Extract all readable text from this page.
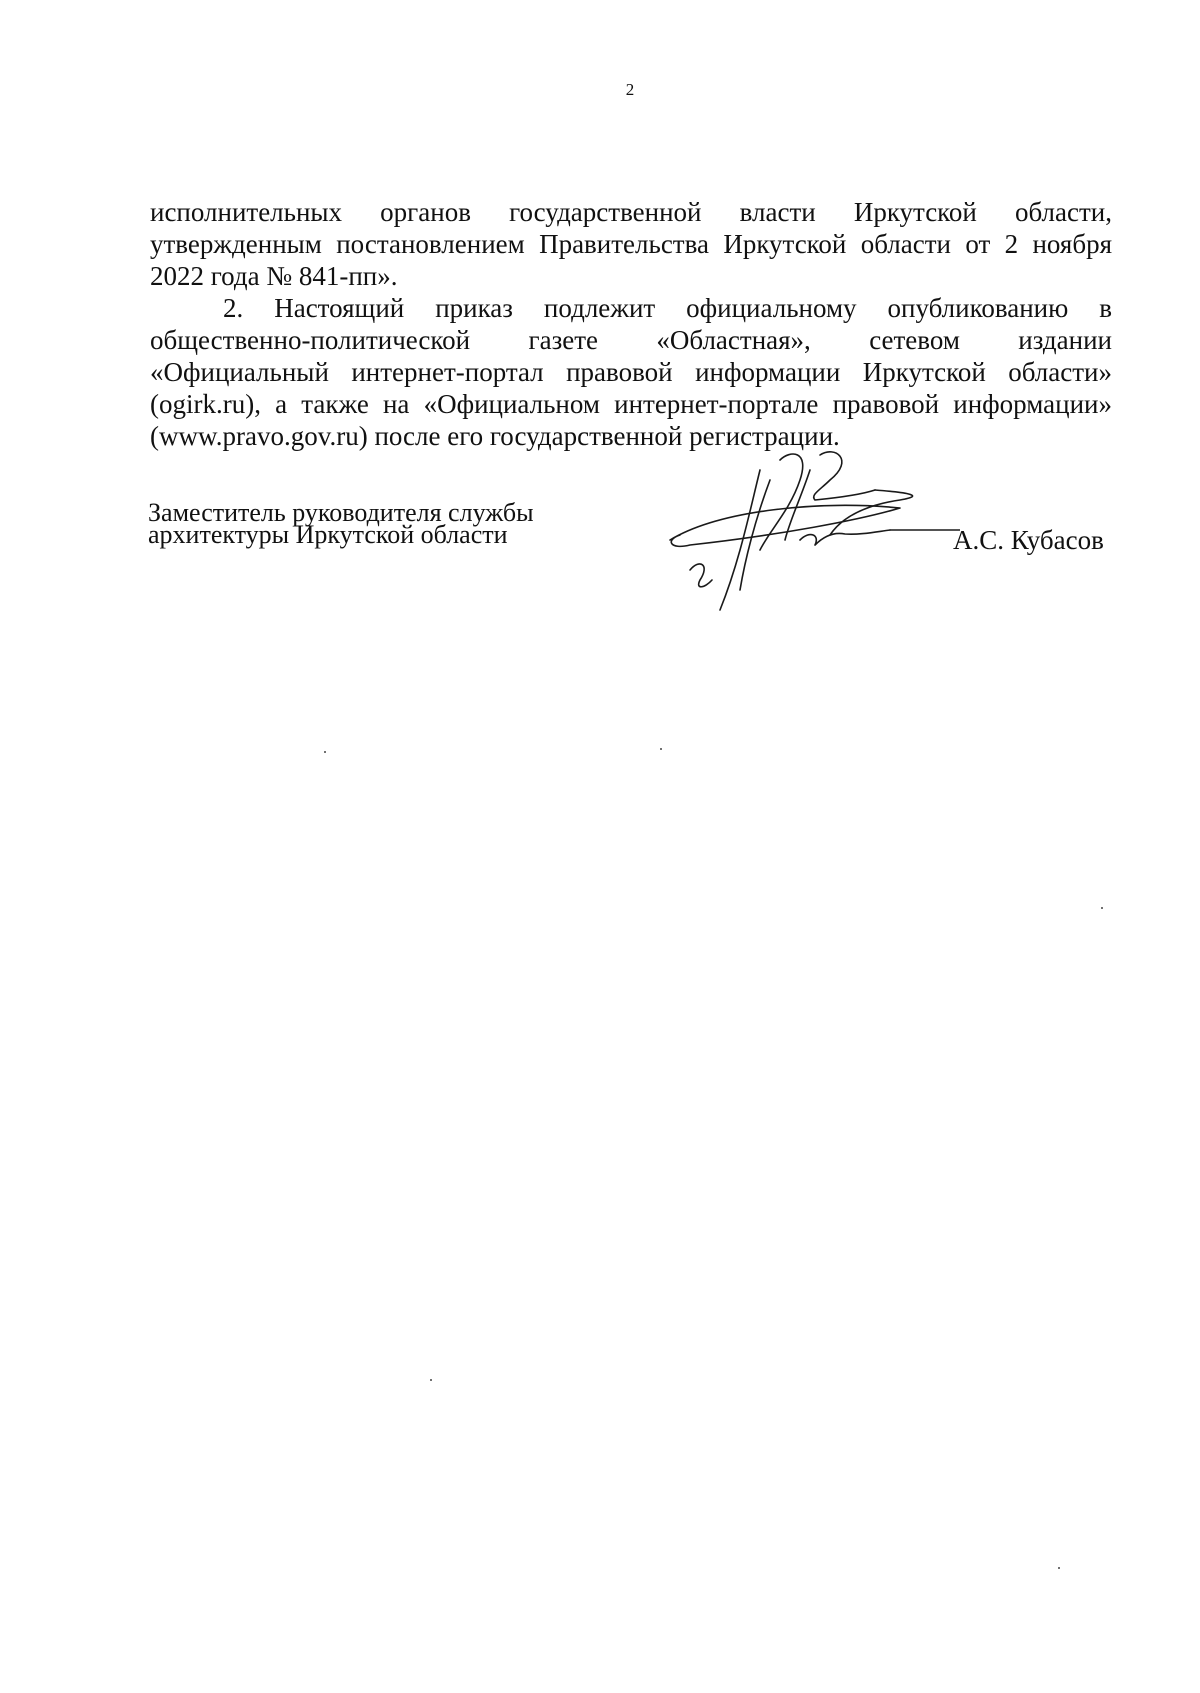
2

исполнительных органов государственной власти Иркутской области,
утвержденным постановлением Правительства Иркутской области от 2 ноября
2022 года № 841-пп».

2. Настоящий приказ подлежит официальному опубликованию в
общественно-политической газете «Областная», сетевом издании
«Официальный интернет-портал правовой информации Иркутской области»
(ogirk.ru), а также на «Официальном интернет-портале правовой информации»
(www.pravo.gov.ru) после его государственной регистрации.

Заместитель руководителя службы
архитектуры Иркутской области	А.С. Кубасов
